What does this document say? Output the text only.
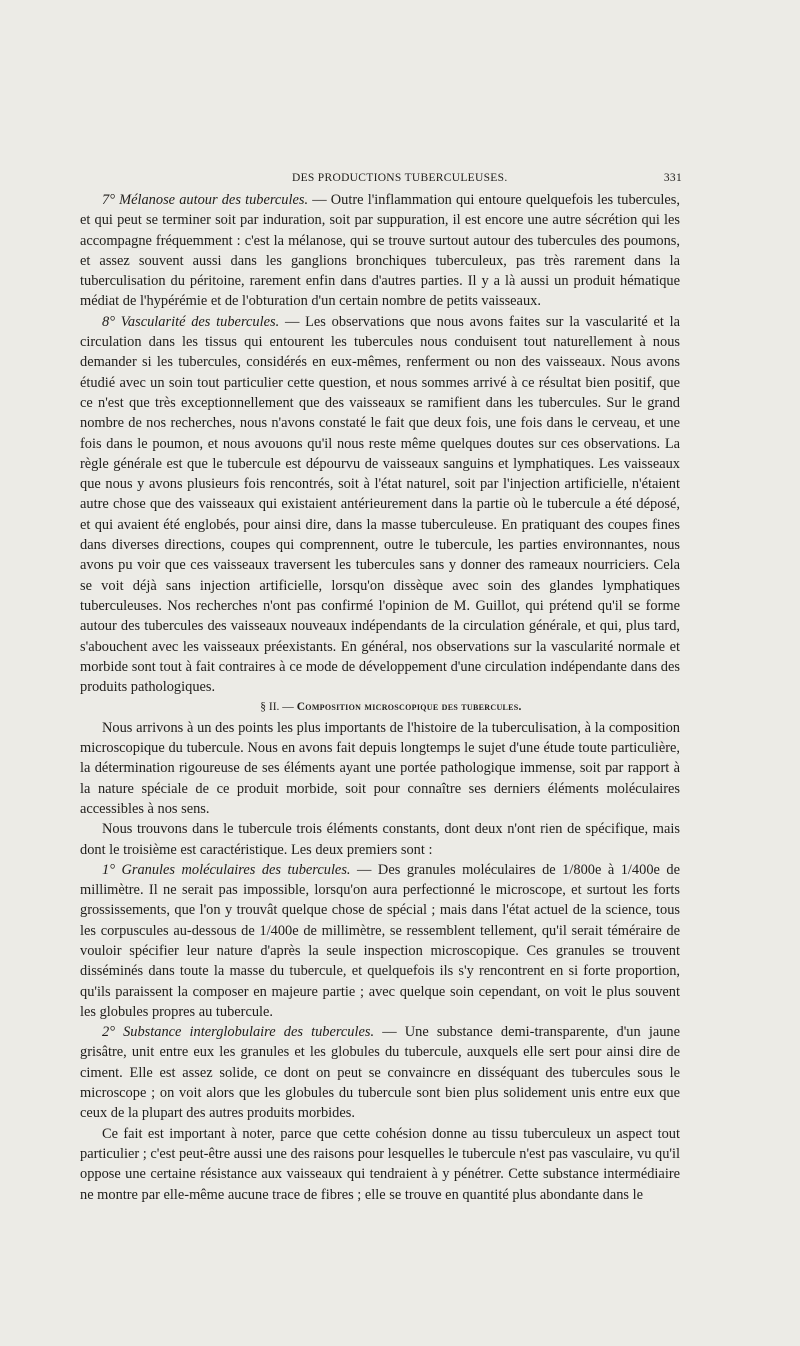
DES PRODUCTIONS TUBERCULEUSES.	331

7° Mélanose autour des tubercules. — Outre l'inflammation qui entoure quelquefois les tubercules, et qui peut se terminer soit par induration, soit par suppuration, il est encore une autre sécrétion qui les accompagne fréquemment : c'est la mélanose, qui se trouve surtout autour des tubercules des poumons, et assez souvent aussi dans les ganglions bronchiques tuberculeux, pas très rarement dans la tuberculisation du péritoine, rarement enfin dans d'autres parties. Il y a là aussi un produit hématique médiat de l'hypérémie et de l'obturation d'un certain nombre de petits vaisseaux.

8° Vascularité des tubercules. — Les observations que nous avons faites sur la vascularité et la circulation dans les tissus qui entourent les tubercules nous conduisent tout naturellement à nous demander si les tubercules, considérés en eux-mêmes, renferment ou non des vaisseaux. Nous avons étudié avec un soin tout particulier cette question, et nous sommes arrivé à ce résultat bien positif, que ce n'est que très exceptionnellement que des vaisseaux se ramifient dans les tubercules. Sur le grand nombre de nos recherches, nous n'avons constaté le fait que deux fois, une fois dans le cerveau, et une fois dans le poumon, et nous avouons qu'il nous reste même quelques doutes sur ces observations. La règle générale est que le tubercule est dépourvu de vaisseaux sanguins et lymphatiques. Les vaisseaux que nous y avons plusieurs fois rencontrés, soit à l'état naturel, soit par l'injection artificielle, n'étaient autre chose que des vaisseaux qui existaient antérieurement dans la partie où le tubercule a été déposé, et qui avaient été englobés, pour ainsi dire, dans la masse tuberculeuse. En pratiquant des coupes fines dans diverses directions, coupes qui comprennent, outre le tubercule, les parties environnantes, nous avons pu voir que ces vaisseaux traversent les tubercules sans y donner des rameaux nourriciers. Cela se voit déjà sans injection artificielle, lorsqu'on dissèque avec soin des glandes lymphatiques tuberculeuses. Nos recherches n'ont pas confirmé l'opinion de M. Guillot, qui prétend qu'il se forme autour des tubercules des vaisseaux nouveaux indépendants de la circulation générale, et qui, plus tard, s'abouchent avec les vaisseaux préexistants. En général, nos observations sur la vascularité normale et morbide sont tout à fait contraires à ce mode de développement d'une circulation indépendante dans des produits pathologiques.

§ II. — Composition microscopique des tubercules.

Nous arrivons à un des points les plus importants de l'histoire de la tuberculisation, à la composition microscopique du tubercule. Nous en avons fait depuis longtemps le sujet d'une étude toute particulière, la détermination rigoureuse de ses éléments ayant une portée pathologique immense, soit par rapport à la nature spéciale de ce produit morbide, soit pour connaître ses derniers éléments moléculaires accessibles à nos sens.

Nous trouvons dans le tubercule trois éléments constants, dont deux n'ont rien de spécifique, mais dont le troisième est caractéristique. Les deux premiers sont :

1° Granules moléculaires des tubercules. — Des granules moléculaires de 1/800e à 1/400e de millimètre. Il ne serait pas impossible, lorsqu'on aura perfectionné le microscope, et surtout les forts grossissements, que l'on y trouvât quelque chose de spécial ; mais dans l'état actuel de la science, tous les corpuscules au-dessous de 1/400e de millimètre, se ressemblent tellement, qu'il serait téméraire de vouloir spécifier leur nature d'après la seule inspection microscopique. Ces granules se trouvent disséminés dans toute la masse du tubercule, et quelquefois ils s'y rencontrent en si forte proportion, qu'ils paraissent la composer en majeure partie ; avec quelque soin cependant, on voit le plus souvent les globules propres au tubercule.

2° Substance interglobulaire des tubercules. — Une substance demi-transparente, d'un jaune grisâtre, unit entre eux les granules et les globules du tubercule, auxquels elle sert pour ainsi dire de ciment. Elle est assez solide, ce dont on peut se convaincre en disséquant des tubercules sous le microscope ; on voit alors que les globules du tubercule sont bien plus solidement unis entre eux que ceux de la plupart des autres produits morbides.

Ce fait est important à noter, parce que cette cohésion donne au tissu tuberculeux un aspect tout particulier ; c'est peut-être aussi une des raisons pour lesquelles le tubercule n'est pas vasculaire, vu qu'il oppose une certaine résistance aux vaisseaux qui tendraient à y pénétrer. Cette substance intermédiaire ne montre par elle-même aucune trace de fibres ; elle se trouve en quantité plus abondante dans le
